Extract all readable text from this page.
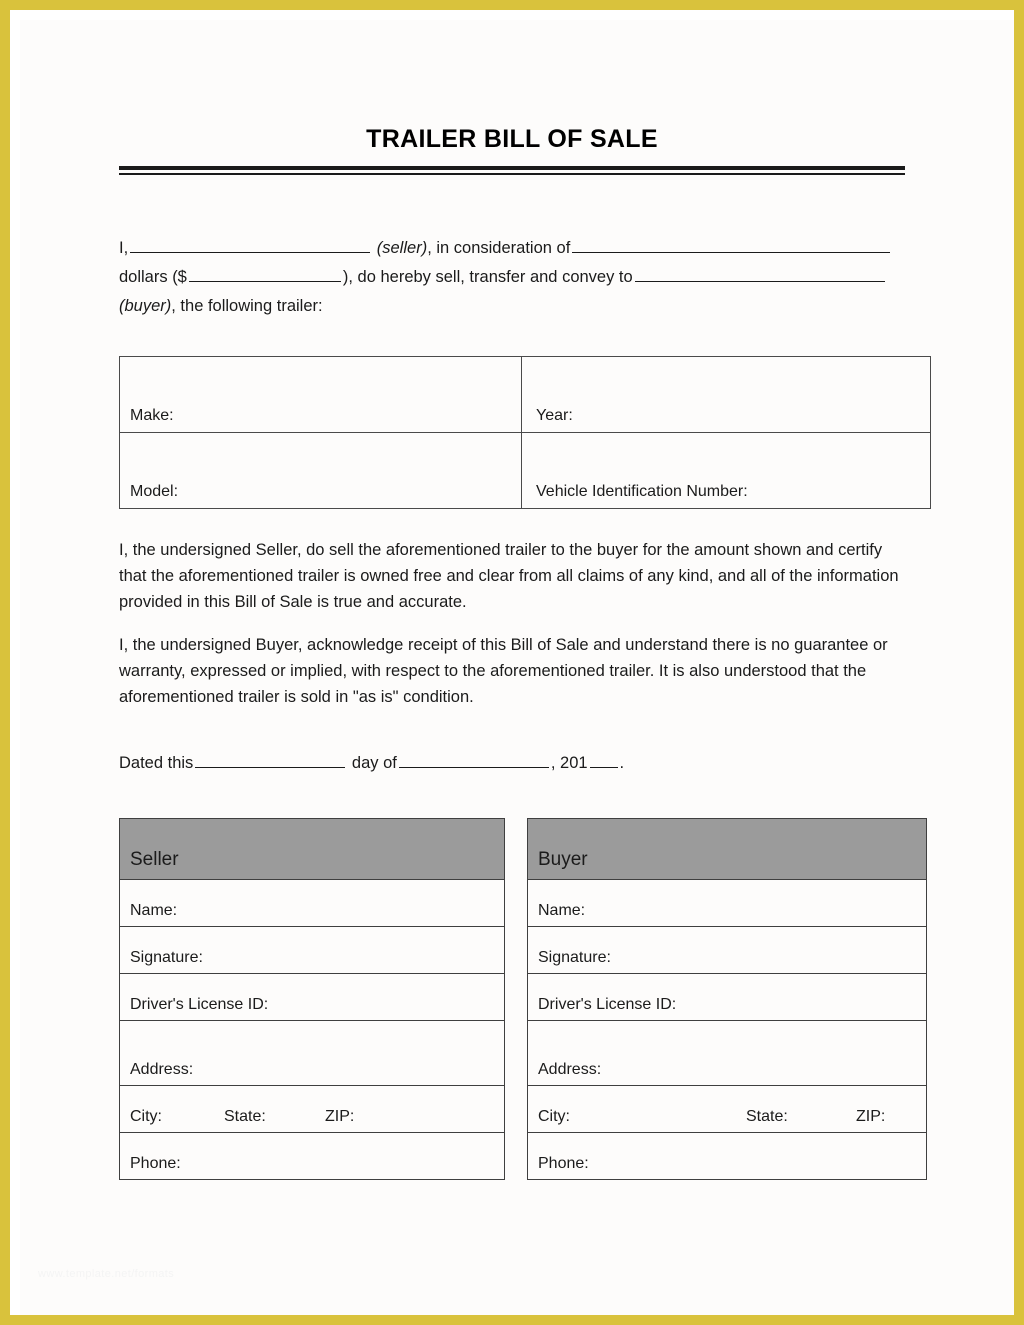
TRAILER BILL OF SALE
I,	(seller), in consideration of
dollars ($	), do hereby sell, transfer and convey to
(buyer), the following trailer:
Make:	Year:
Model:	Vehicle Identification Number:
I, the undersigned Seller, do sell the aforementioned trailer to the buyer for the amount shown and certify that the aforementioned trailer is owned free and clear from all claims of any kind, and all of the information provided in this Bill of Sale is true and accurate.
I, the undersigned Buyer, acknowledge receipt of this Bill of Sale and understand there is no guarantee or warranty, expressed or implied, with respect to the aforementioned trailer. It is also understood that the aforementioned trailer is sold in "as is" condition.
Dated this	day of	, 201 .
Seller
Name:
Signature:
Driver's License ID:
Address:

City:	State:	ZIP:

Phone:
Buyer
Name:
Signature:
Driver's License ID:
Address:

City:	State:	ZIP:

Phone:
www.template.net/formats
